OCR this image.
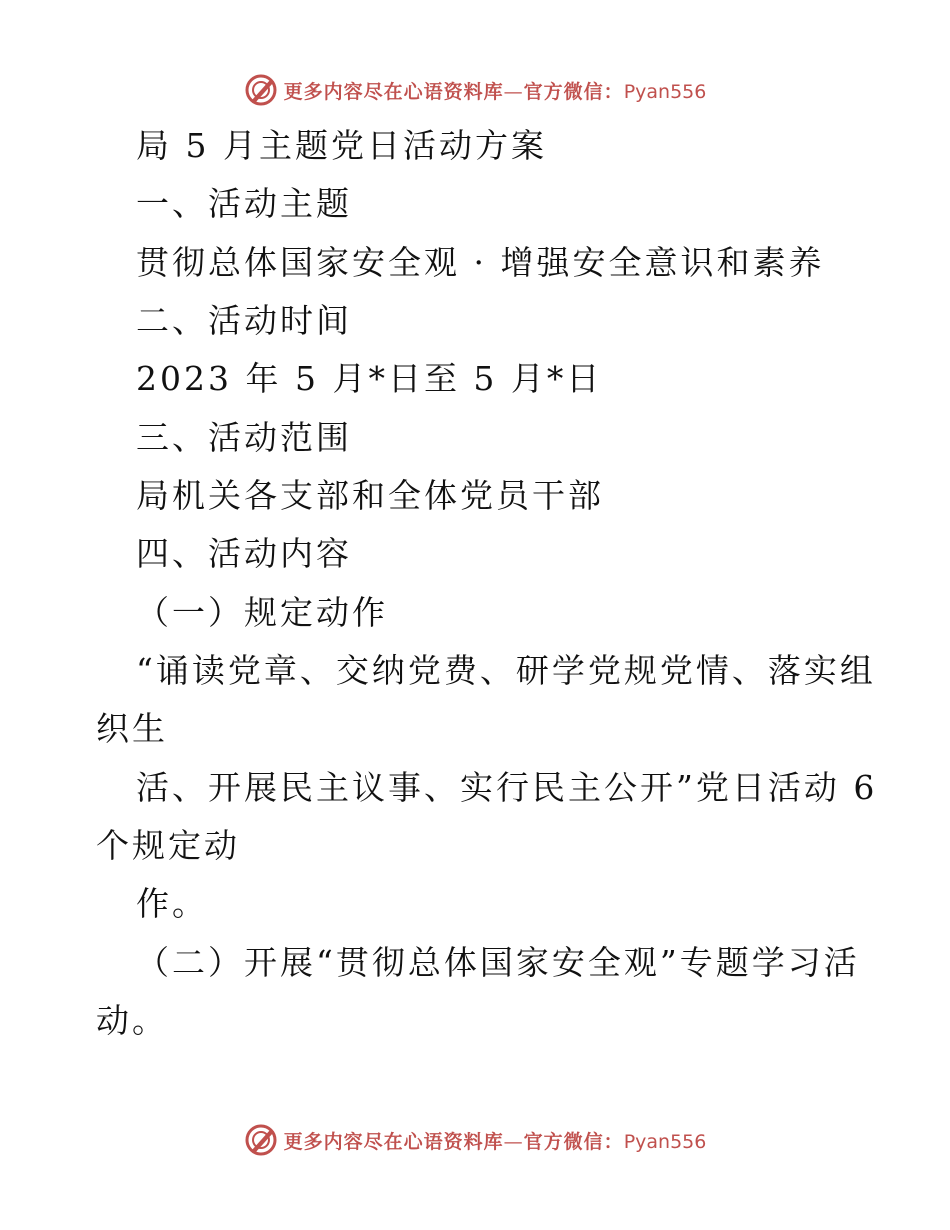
更多内容尽在心语资料库—官方微信：Pyan556
局 5 月主题党日活动方案
一、活动主题
贯彻总体国家安全观 · 增强安全意识和素养
二、活动时间
2023 年 5 月*日至 5 月*日
三、活动范围
局机关各支部和全体党员干部
四、活动内容
（一）规定动作
“诵读党章、交纳党费、研学党规党情、落实组
织生
活、开展民主议事、实行民主公开”党日活动 6
个规定动
作。
（二）开展“贯彻总体国家安全观”专题学习活
动。
更多内容尽在心语资料库—官方微信：Pyan556
